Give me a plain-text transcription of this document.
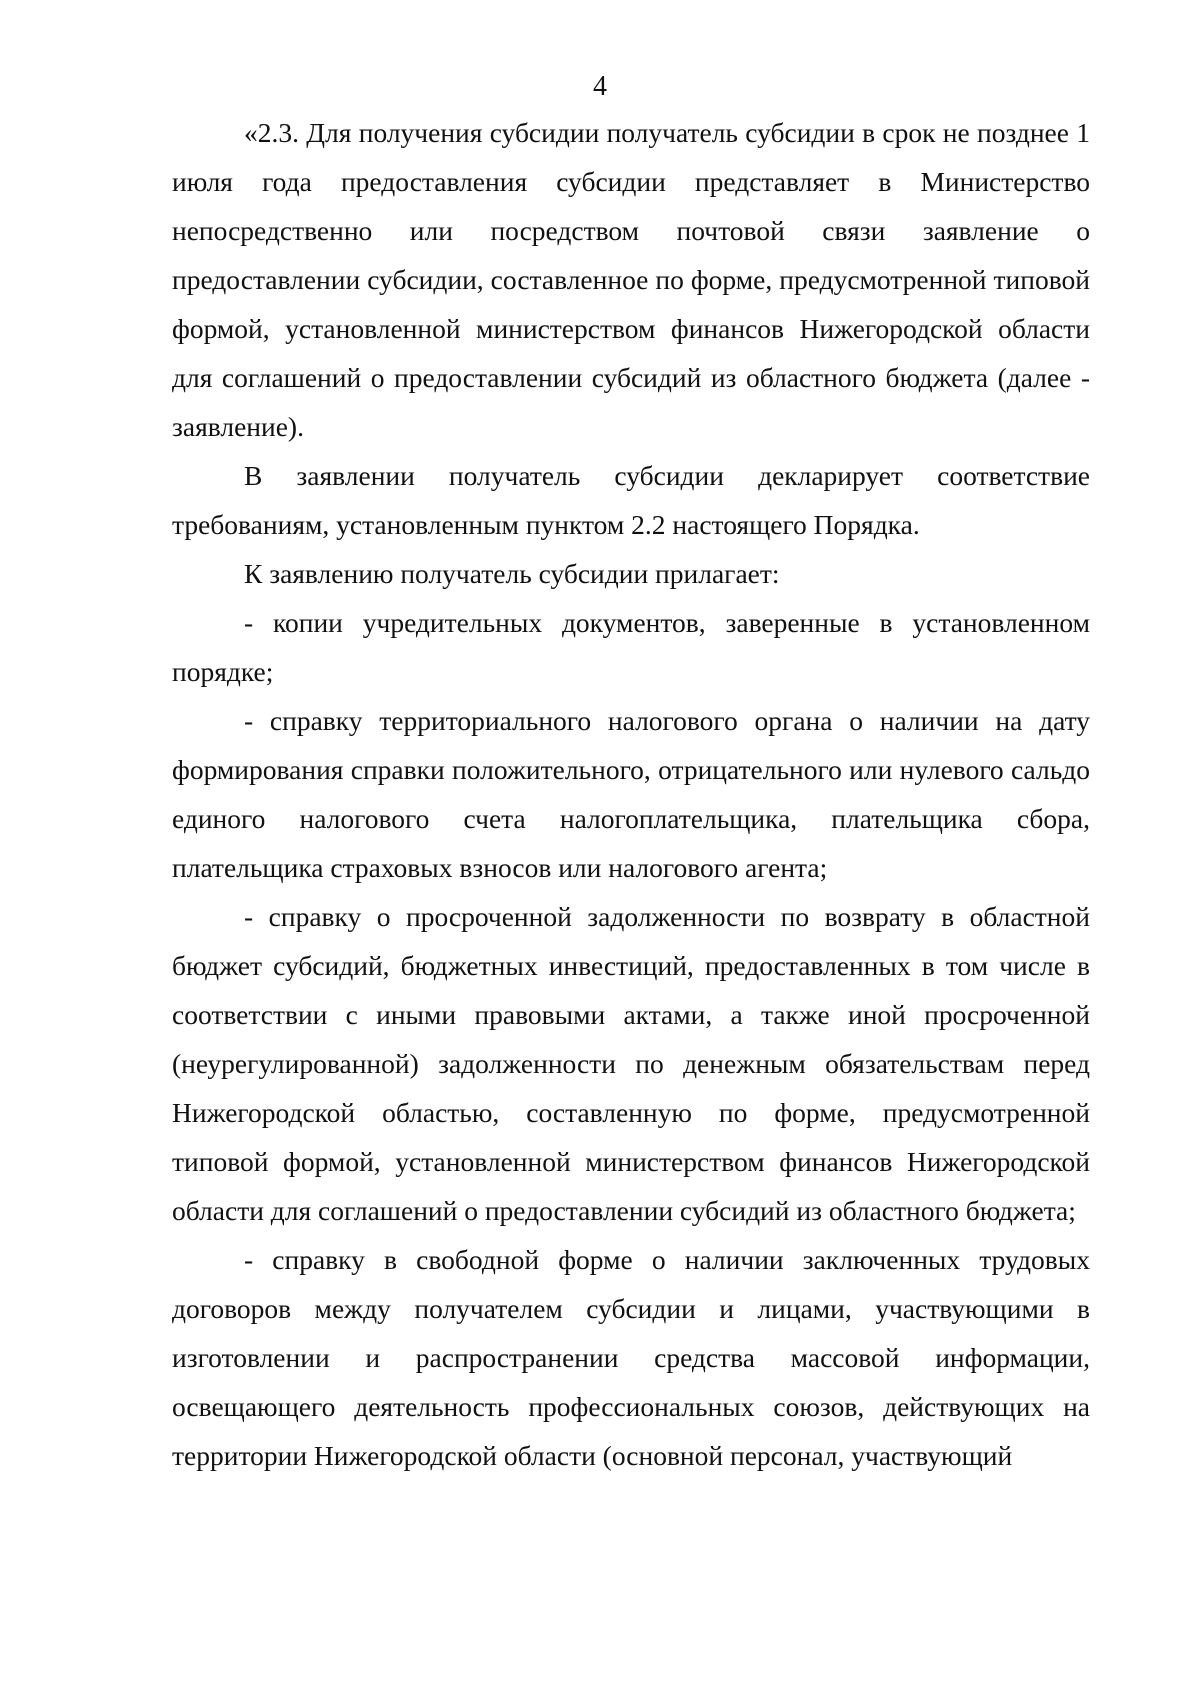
4

«2.3. Для получения субсидии получатель субсидии в срок не позднее 1 июля года предоставления субсидии представляет в Министерство непосредственно или посредством почтовой связи заявление о предоставлении субсидии, составленное по форме, предусмотренной типовой формой, установленной министерством финансов Нижегородской области для соглашений о предоставлении субсидий из областного бюджета (далее - заявление).

В заявлении получатель субсидии декларирует соответствие требованиям, установленным пунктом 2.2 настоящего Порядка.

К заявлению получатель субсидии прилагает:

- копии учредительных документов, заверенные в установленном порядке;

- справку территориального налогового органа о наличии на дату формирования справки положительного, отрицательного или нулевого сальдо единого налогового счета налогоплательщика, плательщика сбора, плательщика страховых взносов или налогового агента;

- справку о просроченной задолженности по возврату в областной бюджет субсидий, бюджетных инвестиций, предоставленных в том числе в соответствии с иными правовыми актами, а также иной просроченной (неурегулированной) задолженности по денежным обязательствам перед Нижегородской областью, составленную по форме, предусмотренной типовой формой, установленной министерством финансов Нижегородской области для соглашений о предоставлении субсидий из областного бюджета;

- справку в свободной форме о наличии заключенных трудовых договоров между получателем субсидии и лицами, участвующими в изготовлении и распространении средства массовой информации, освещающего деятельность профессиональных союзов, действующих на территории Нижегородской области (основной персонал, участвующий
